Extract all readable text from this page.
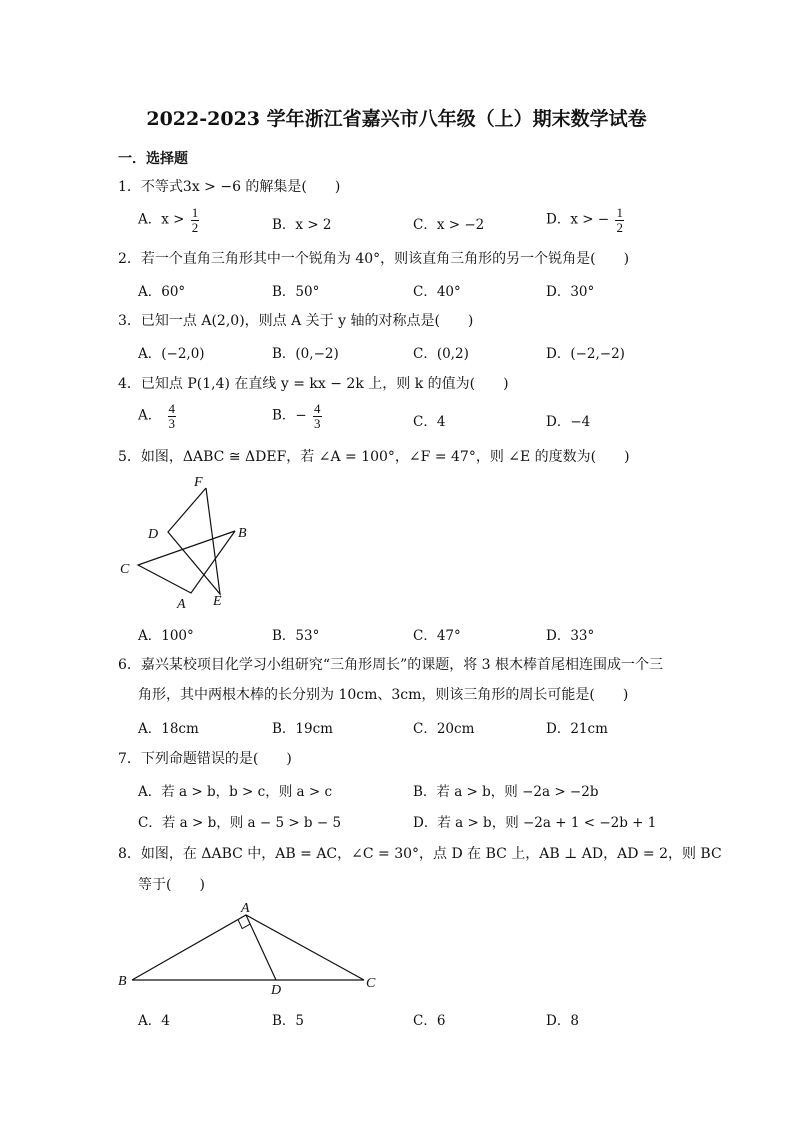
2022-2023 学年浙江省嘉兴市八年级（上）期末数学试卷
一．选择题
1．不等式3x > −6 的解集是(　　)
A．$x > \frac{1}{2}$	B．x > 2	C．x > −2	D．x > − $\frac{1}{2}$
2．若一个直角三角形其中一个锐角为 40°，则该直角三角形的另一个锐角是(　　)
A．60°	B．50°	C．40°	D．30°
3．已知一点 A(2,0)，则点 A 关于 y 轴的对称点是(　　)
A．(−2,0)	B．(0,−2)	C．(0,2)	D．(−2,−2)
4．已知点 P(1,4) 在直线 y = kx − 2k 上，则 k 的值为(　　)
A． $\frac{4}{3}$	B．− $\frac{4}{3}$	C．4	D．−4
5．如图，ΔABC ≅ ΔDEF，若 ∠A = 100°，∠F = 47°，则 ∠E 的度数为(　　)
F
D	B
C
A E
A．100°	B．53°	C．47°	D．33°
6．嘉兴某校项目化学习小组研究“三角形周长”的课题，将 3 根木棒首尾相连围成一个三
角形，其中两根木棒的长分别为 10cm、3cm，则该三角形的周长可能是(　　)
A．18cm	B．19cm	C．20cm	D．21cm
7．下列命题错误的是(　　)
A．若 a > b，b > c，则 a > c	B．若 a > b，则 −2a > −2b
C．若 a > b，则 a − 5 > b − 5	D．若 a > b，则 −2a + 1 < −2b + 1
8．如图，在 ΔABC 中，AB = AC，∠C = 30°，点 D 在 BC 上，AB ⊥ AD，AD = 2，则 BC
等于(　　)
A
B	C
D
A．4	B．5	C．6	D．8
